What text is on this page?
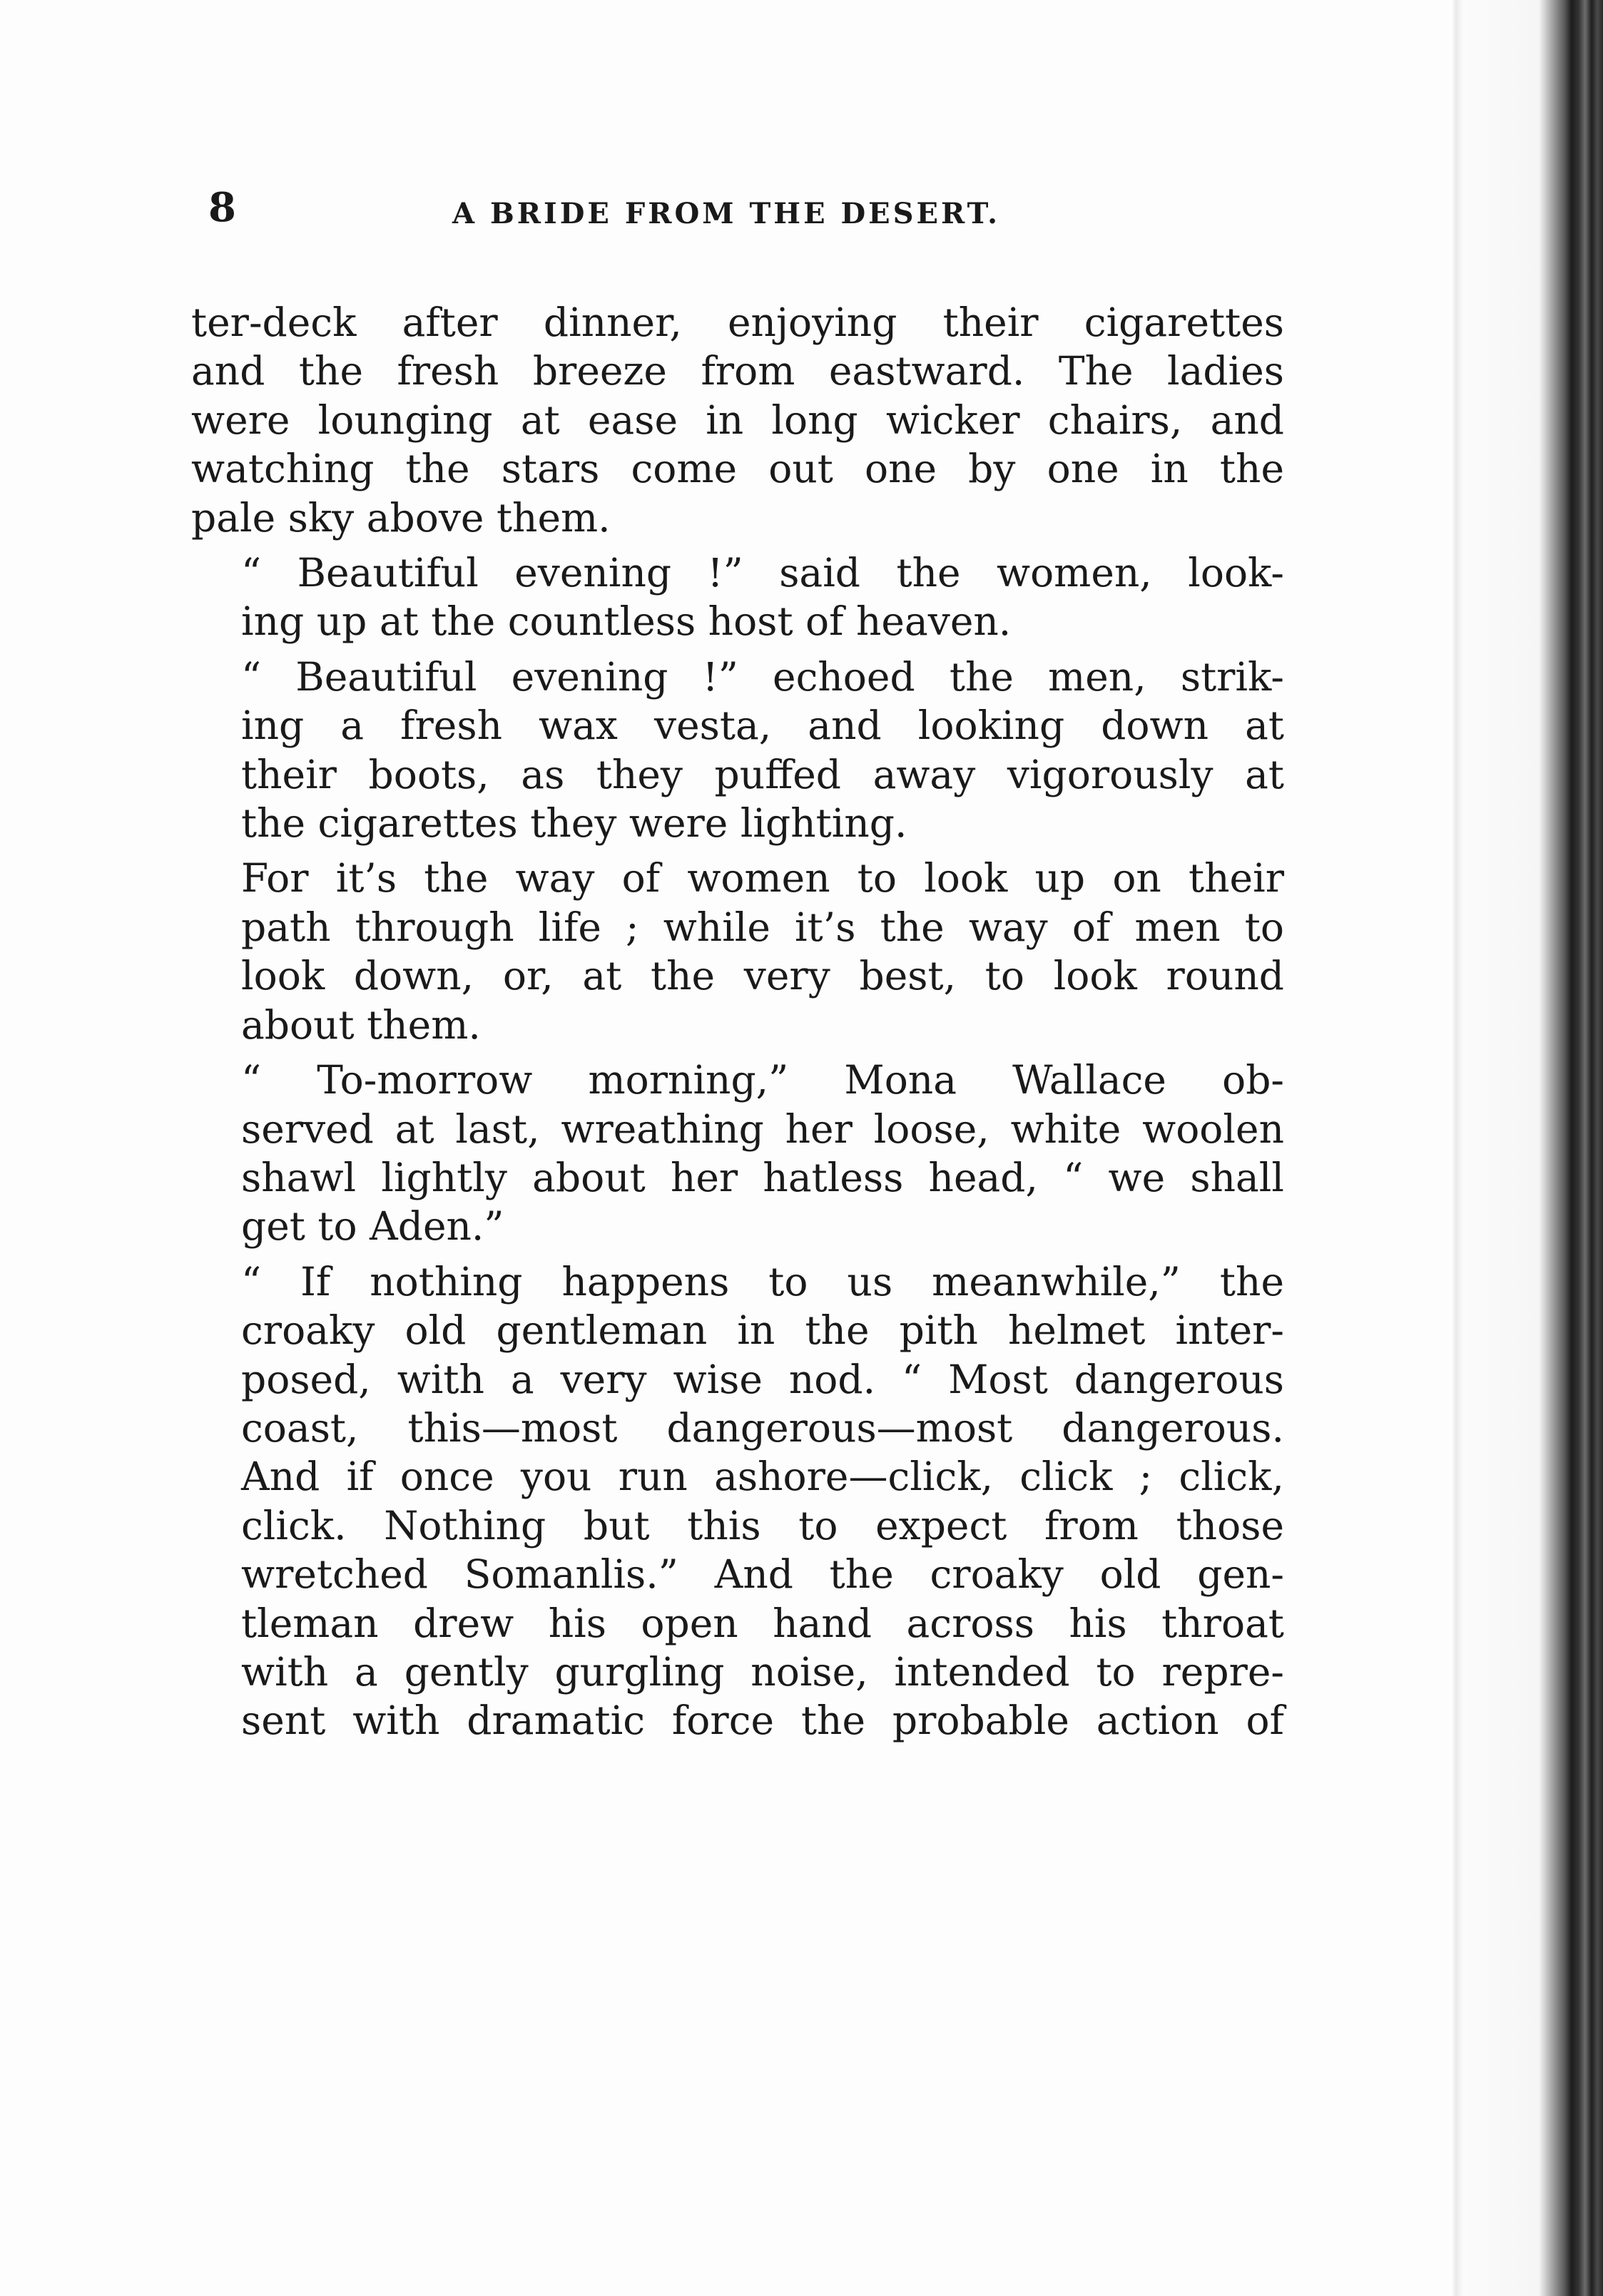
8	A BRIDE FROM THE DESERT.
ter-deck after dinner, enjoying their cigarettes
and the fresh breeze from eastward. The ladies
were lounging at ease in long wicker chairs, and
watching the stars come out one by one in the
pale sky above them.
“ Beautiful evening !” said the women, look-
ing up at the countless host of heaven.
“ Beautiful evening !” echoed the men, strik-
ing a fresh wax vesta, and looking down at
their boots, as they puffed away vigorously at
the cigarettes they were lighting.
For it’s the way of women to look up on their
path through life ; while it’s the way of men to
look down, or, at the very best, to look round
about them.
“ To-morrow morning,” Mona Wallace ob-
served at last, wreathing her loose, white woolen
shawl lightly about her hatless head, “ we shall
get to Aden.”
“ If nothing happens to us meanwhile,” the
croaky old gentleman in the pith helmet inter-
posed, with a very wise nod. “ Most dangerous
coast, this—most dangerous—most dangerous.
And if once you run ashore—click, click ; click,
click. Nothing but this to expect from those
wretched Somanlis.” And the croaky old gen-
tleman drew his open hand across his throat
with a gently gurgling noise, intended to repre-
sent with dramatic force the probable action of
